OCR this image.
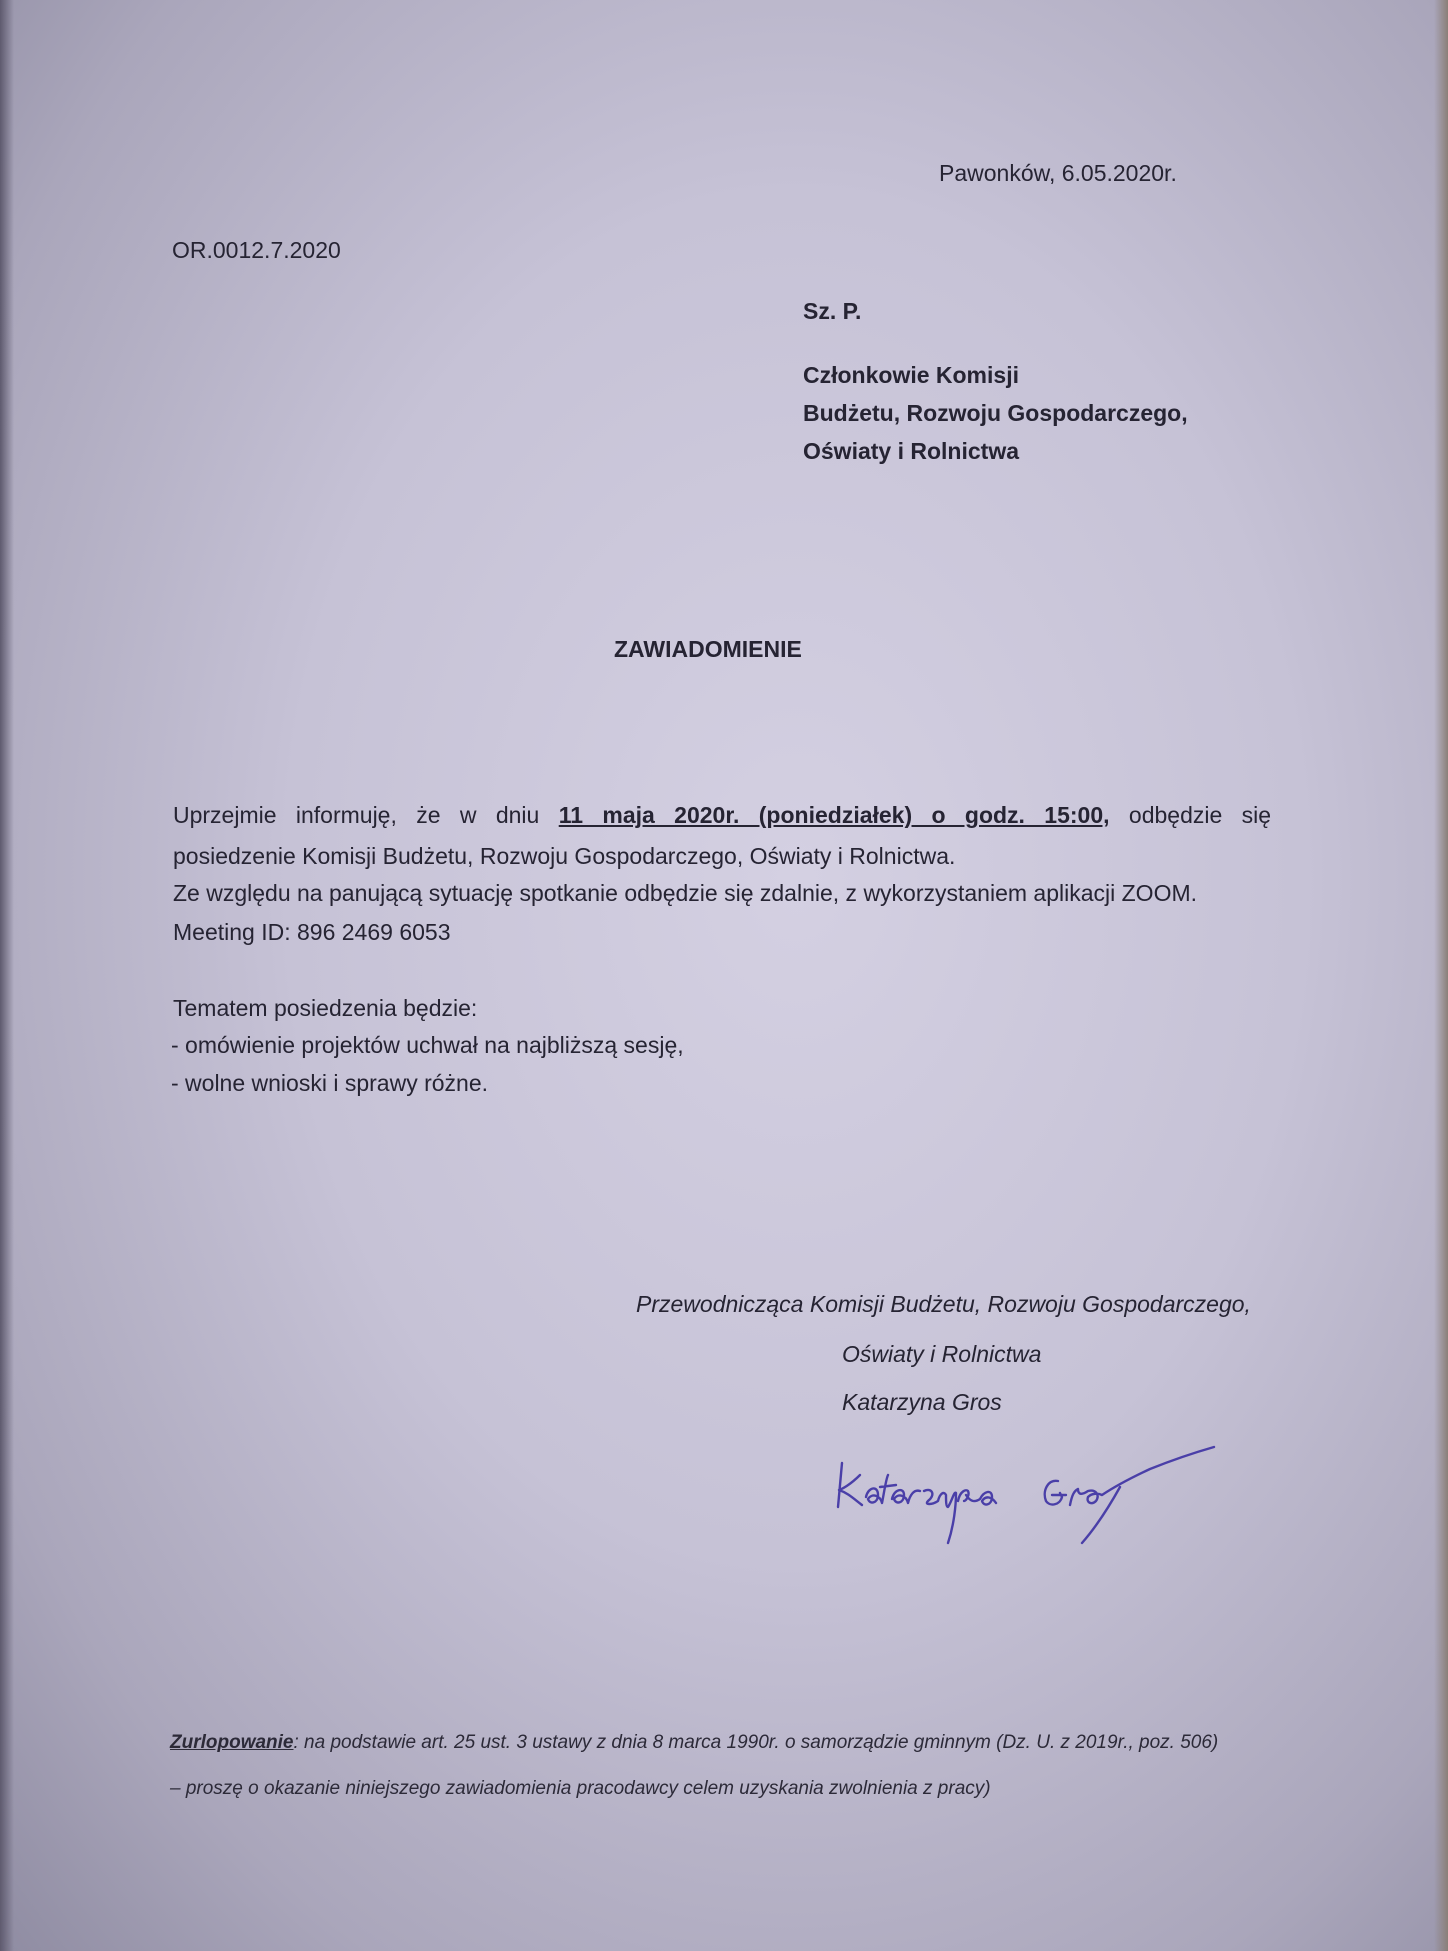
Pawonków, 6.05.2020r.
OR.0012.7.2020
Sz. P.
Członkowie Komisji
Budżetu, Rozwoju Gospodarczego,
Oświaty i Rolnictwa
ZAWIADOMIENIE
Uprzejmie informuję, że w dniu 11 maja 2020r. (poniedziałek) o godz. 15:00, odbędzie się
posiedzenie Komisji Budżetu, Rozwoju Gospodarczego, Oświaty i Rolnictwa.
Ze względu na panującą sytuację spotkanie odbędzie się zdalnie, z wykorzystaniem aplikacji ZOOM.
Meeting ID: 896 2469 6053
Tematem posiedzenia będzie:
- omówienie projektów uchwał na najbliższą sesję,
- wolne wnioski i sprawy różne.
Przewodnicząca Komisji Budżetu, Rozwoju Gospodarczego,
Oświaty i Rolnictwa
Katarzyna Gros
Zurlopowanie: na podstawie art. 25 ust. 3 ustawy z dnia 8 marca 1990r. o samorządzie gminnym (Dz. U. z 2019r., poz. 506)
– proszę o okazanie niniejszego zawiadomienia pracodawcy celem uzyskania zwolnienia z pracy)
